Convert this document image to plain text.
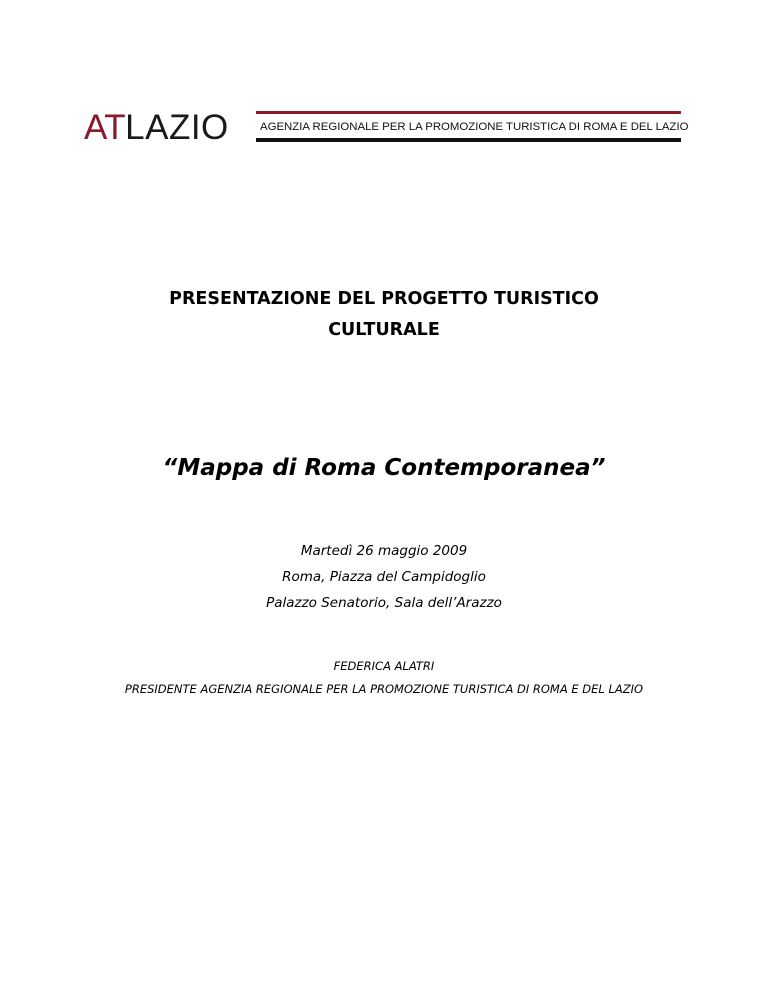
ATLAZIO	AGENZIA REGIONALE PER LA PROMOZIONE TURISTICA DI ROMA E DEL LAZIO
PRESENTAZIONE DEL PROGETTO TURISTICO
CULTURALE
“Mappa di Roma Contemporanea”
Martedì 26 maggio 2009
Roma, Piazza del Campidoglio
Palazzo Senatorio, Sala dell’Arazzo
FEDERICA ALATRI
PRESIDENTE AGENZIA REGIONALE PER LA PROMOZIONE TURISTICA DI ROMA E DEL LAZIO
